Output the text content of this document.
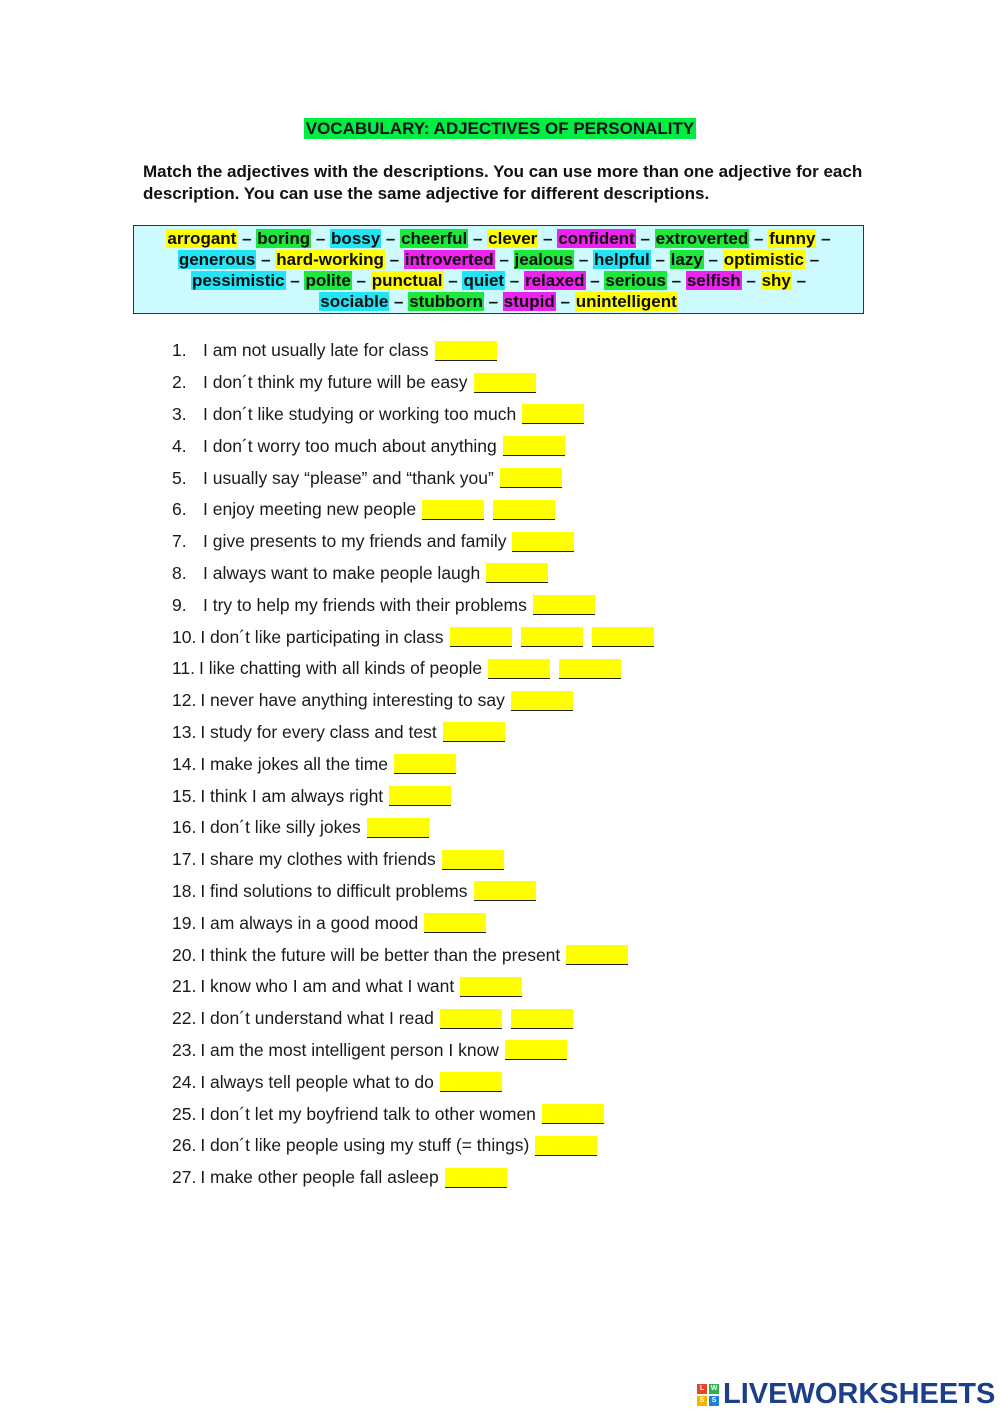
VOCABULARY: ADJECTIVES OF PERSONALITY
Match the adjectives with the descriptions. You can use more than one adjective for each description. You can use the same adjective for different descriptions.
arrogant – boring – bossy – cheerful – clever – confident – extroverted – funny –
generous – hard-working – introverted – jealous – helpful – lazy – optimistic –
pessimistic – polite – punctual – quiet – relaxed – serious – selfish – shy –
sociable – stubborn – stupid – unintelligent
1. I am not usually late for class
2. I don´t think my future will be easy
3. I don´t like studying or working too much
4. I don´t worry too much about anything
5. I usually say “please” and “thank you”
6. I enjoy meeting new people
7. I give presents to my friends and family
8. I always want to make people laugh
9. I try to help my friends with their problems
10. I don´t like participating in class
11. I like chatting with all kinds of people
12. I never have anything interesting to say
13. I study for every class and test
14. I make jokes all the time
15. I think I am always right
16. I don´t like silly jokes
17. I share my clothes with friends
18. I find solutions to difficult problems
19. I am always in a good mood
20. I think the future will be better than the present
21. I know who I am and what I want
22. I don´t understand what I read
23. I am the most intelligent person I know
24. I always tell people what to do
25. I don´t let my boyfriend talk to other women
26. I don´t like people using my stuff (= things)
27. I make other people fall asleep
L W
S	S LIVEWORKSHEETS
